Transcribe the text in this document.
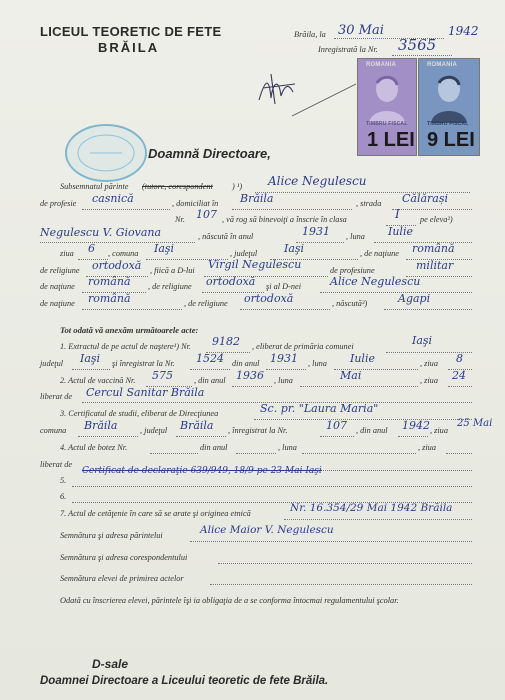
LICEUL TEORETIC DE FETE
BRĂILA
Brăila, la 30 Mai	1942
Inregistrată la Nr. 3565
ROMANIA
TIMBRU FISCAL
1 LEI
ROMANIA
TIMBRU FISCAL
9 LEI
Doamnă Directoare,
Subsemnatul părinte (tutore, corespondent ) ¹) Alice Negulescu
de profesie casnică	, domiciliat în Brăila	, strada Călărași
Nr. 107 , vă rog să binevoiţi a înscrie în clasa	I pe eleva²)
Negulescu V. Giovana	, născută în anul	1931 , luna Iulie
ziua 6 , comuna Iaşi	, judeţul Iaşi	, de naţiune română
de religiune ortodoxă , fiică a D-lui Virgil Negulescu	de profesiune	militar
de naţiune română , de religiune ortodoxă şi al D-nei	Alice Negulescu
de naţiune română	, de religiune ortodoxă	, născută³)	Agapi
Tot odată vă anexăm următoarele acte:
1. Extractul de pe actul de naştere¹) Nr. 9182 , eliberat de primăria comunei	Iaşi
judeţul Iaşi şi înregistrat la Nr. 1524 din anul 1931 , luna Iulie	, ziua 8
2. Actul de vaccină Nr. 575	, din anul 1936 , luna	Mai	, ziua 24
liberat de Cercul Sanitar Brăila
3. Certificatul de studii, eliberat de Direcţiunea	Sc. pr. "Laura Maria"
comuna Brăila	, judeţul Brăila , înregistrat la Nr.	107 , din anul 1942 , ziua
25 Mai
4. Actul de botez Nr.	din anul	, luna	, ziua
liberat de
5.
Certificat de declaraţie 639/949, 18/9 pe 23 Mai Iaşi
6.
7. Actul de cetăţenie în care să se arate şi originea etnică	Nr. 16.354/29 Mai 1942 Brăila
Semnătura şi adresa părintelui	Alice Maior V. Negulescu
Semnătura şi adresa corespondentului
Semnătura elevei de primirea actelor
Odată cu înscrierea elevei, părintele îşi ia obligaţia de a se conforma întocmai regulamentului şcolar.
D-sale
Doamnei Directoare a Liceului teoretic de fete Brăila.
